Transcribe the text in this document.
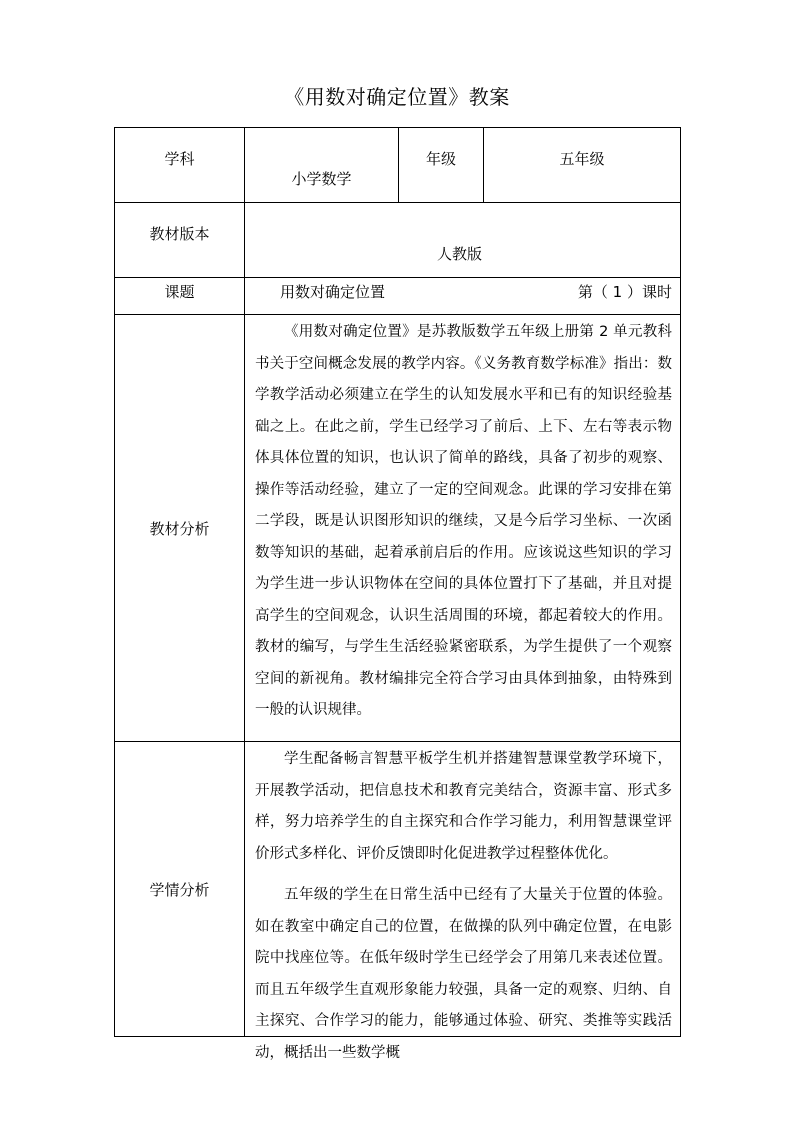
《用数对确定位置》教案
学科	小学数学	年级	五年级

教材版本	人教版		

课题	用数对确定位置 第（ 1 ）课时		

教材分析	《用数对确定位置》是苏教版数学五年级上册第 2 单元教科书关于空间概念发展的教学内容。《义务教育数学标准》指出：数学教学活动必须建立在学生的认知发展水平和已有的知识经验基础之上。在此之前，学生已经学习了前后、上下、左右等表示物体具体位置的知识，也认识了简单的路线，具备了初步的观察、操作等活动经验，建立了一定的空间观念。此课的学习安排在第二学段，既是认识图形知识的继续，又是今后学习坐标、一次函数等知识的基础，起着承前启后的作用。应该说这些知识的学习为学生进一步认识物体在空间的具体位置打下了基础，并且对提高学生的空间观念，认识生活周围的环境，都起着较大的作用。教材的编写，与学生生活经验紧密联系，为学生提供了一个观察空间的新视角。教材编排完全符合学习由具体到抽象，由特殊到一般的认识规律。		

学情分析	学生配备畅言智慧平板学生机并搭建智慧课堂教学环境下，开展教学活动，把信息技术和教育完美结合，资源丰富、形式多样，努力培养学生的自主探究和合作学习能力，利用智慧课堂评价形式多样化、评价反馈即时化促进教学过程整体优化。

五年级的学生在日常生活中已经有了大量关于位置的体验。如在教室中确定自己的位置，在做操的队列中确定位置，在电影院中找座位等。在低年级时学生已经学会了用第几来表述位置。而且五年级学生直观形象能力较强，具备一定的观察、归纳、自主探究、合作学习的能力，能够通过体验、研究、类推等实践活动，概括出一些数学概		
